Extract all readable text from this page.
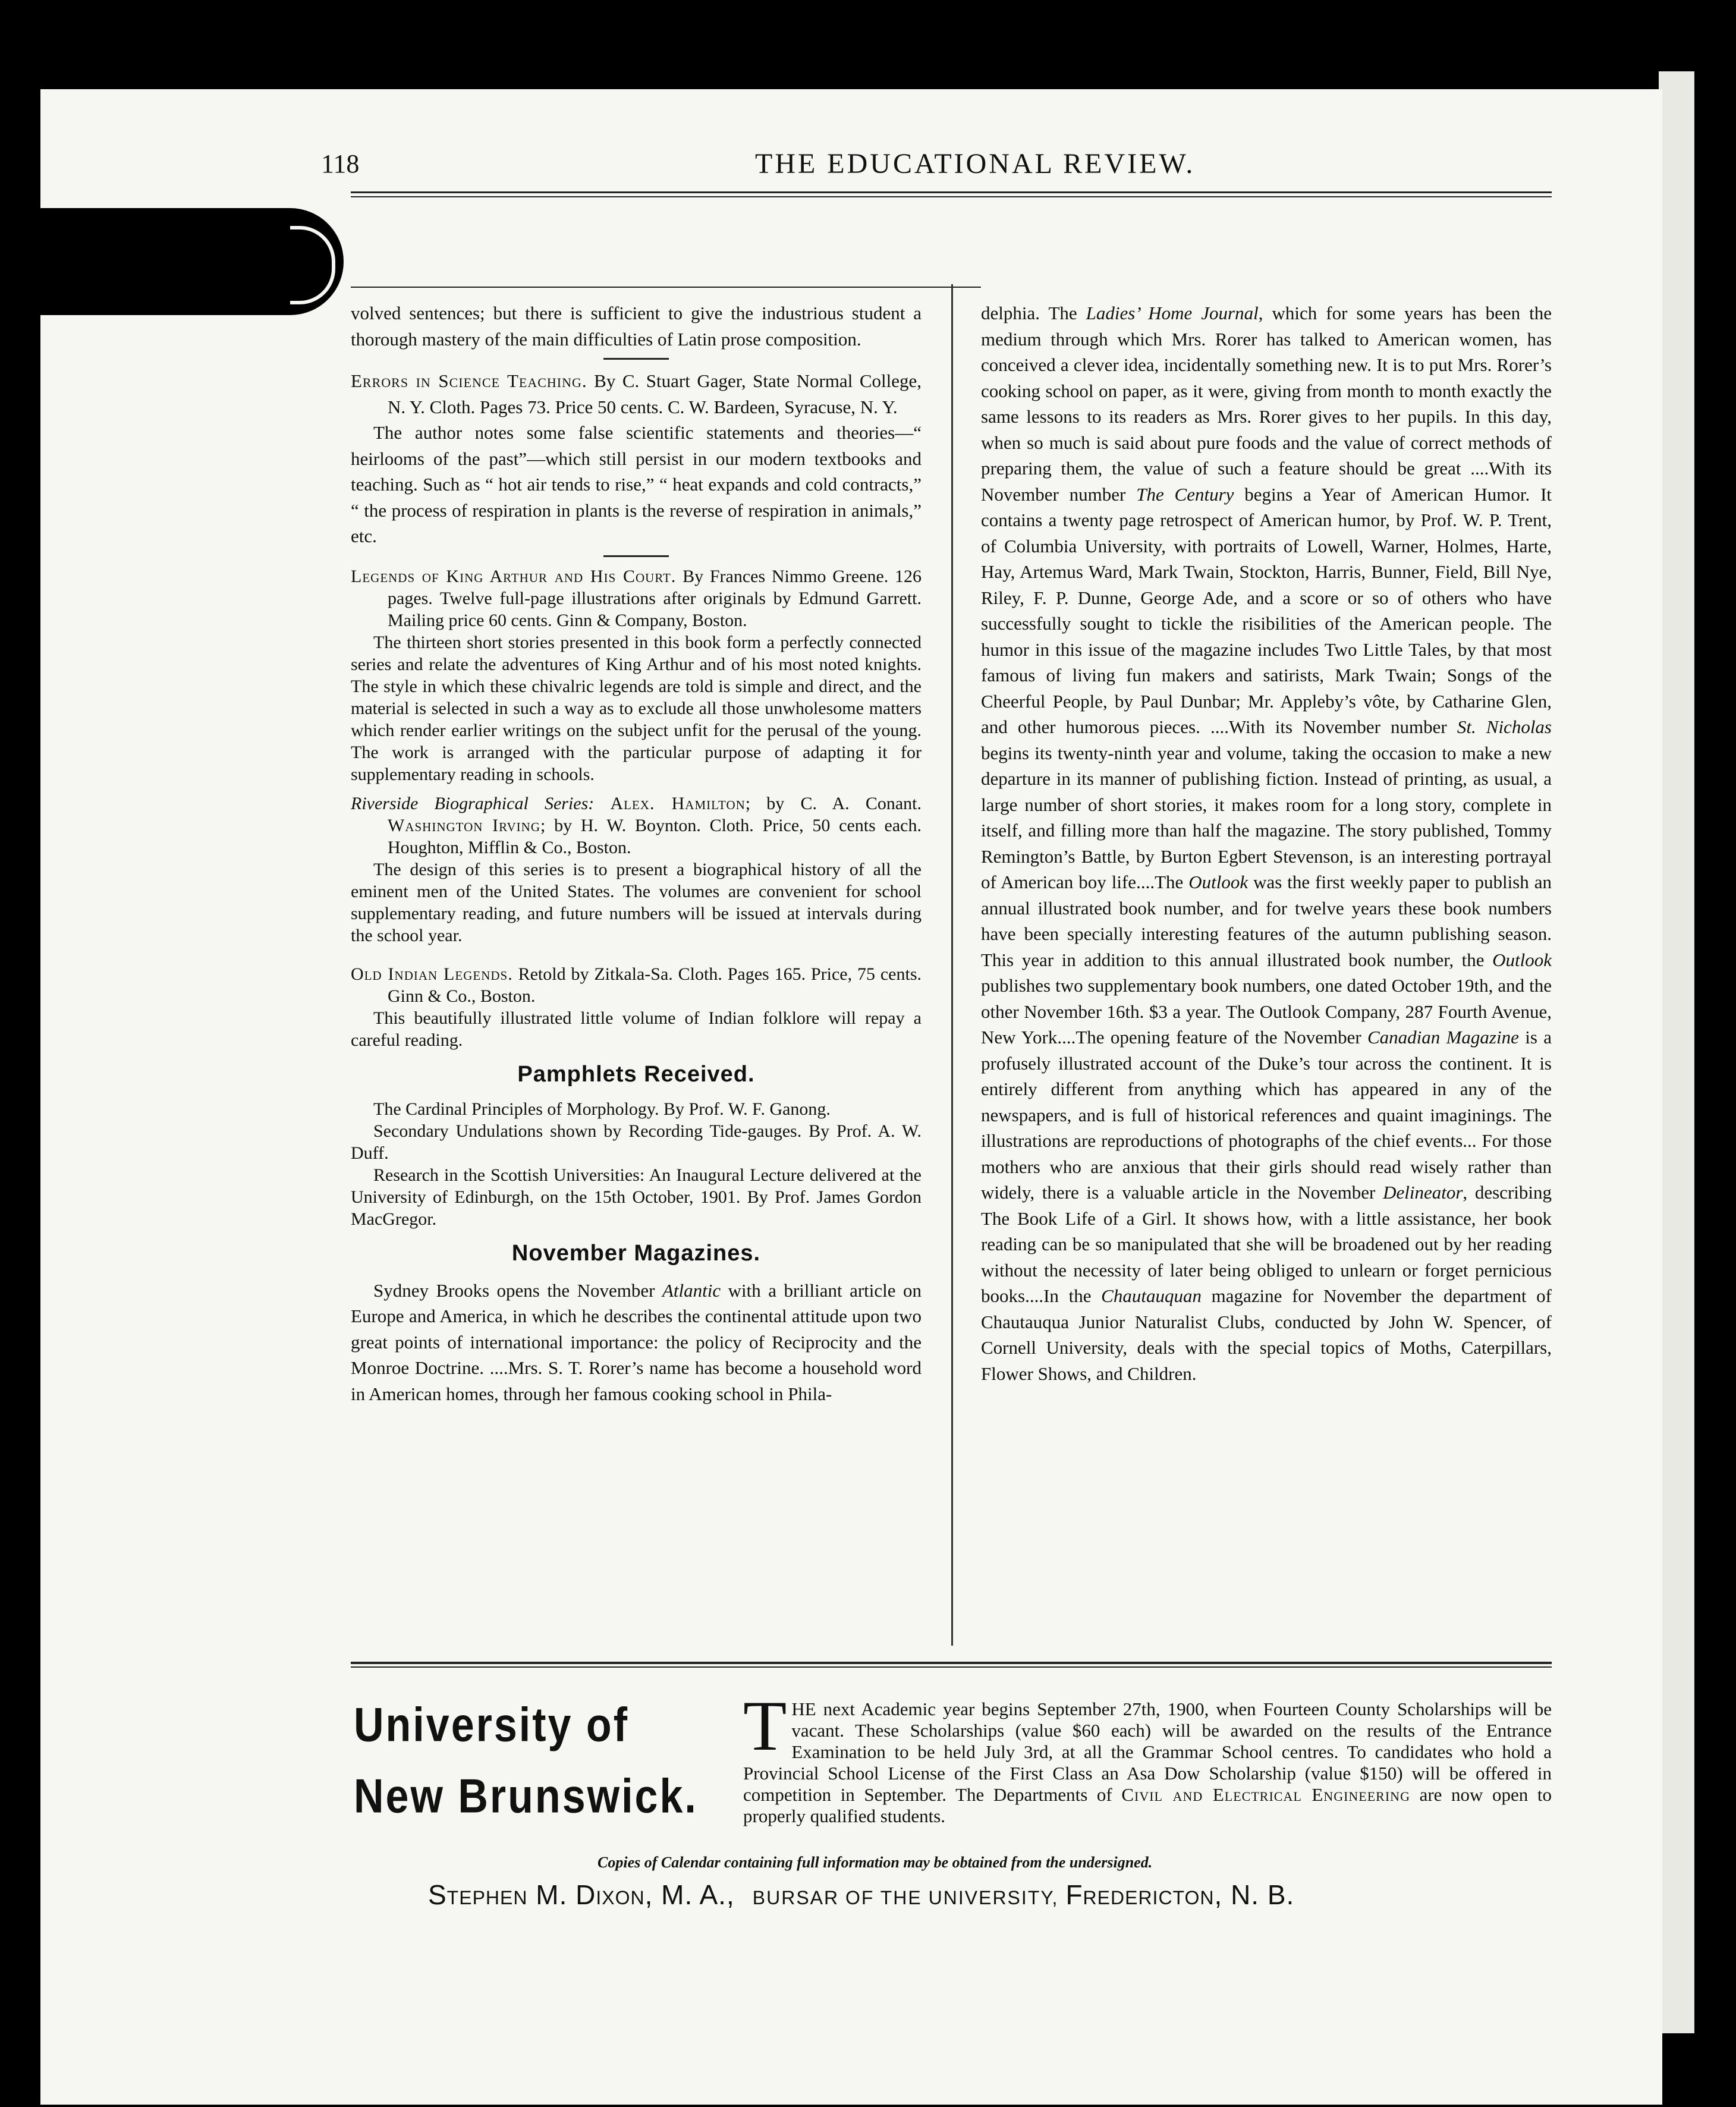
118	THE EDUCATIONAL REVIEW.

volved sentences; but there is sufficient to give the industrious student a thorough mastery of the main difficulties of Latin prose composition.

Errors in Science Teaching. By C. Stuart Gager, State Normal College, N. Y. Cloth. Pages 73. Price 50 cents. C. W. Bardeen, Syracuse, N. Y.

The author notes some false scientific statements and theories—“ heirlooms of the past”—which still persist in our modern textbooks and teaching. Such as “ hot air tends to rise,” “ heat expands and cold contracts,” “ the process of respiration in plants is the reverse of respiration in animals,” etc.

Legends of King Arthur and His Court. By Frances Nimmo Greene. 126 pages. Twelve full-page illustrations after originals by Edmund Garrett. Mailing price 60 cents. Ginn & Company, Boston.

The thirteen short stories presented in this book form a perfectly connected series and relate the adventures of King Arthur and of his most noted knights. The style in which these chivalric legends are told is simple and direct, and the material is selected in such a way as to exclude all those unwholesome matters which render earlier writings on the subject unfit for the perusal of the young. The work is arranged with the particular purpose of adapting it for supplementary reading in schools.

Riverside Biographical Series: Alex. Hamilton; by C. A. Conant. Washington Irving; by H. W. Boynton. Cloth. Price, 50 cents each. Houghton, Mifflin & Co., Boston.

The design of this series is to present a biographical history of all the eminent men of the United States. The volumes are convenient for school supplementary reading, and future numbers will be issued at intervals during the school year.

Old Indian Legends. Retold by Zitkala-Sa. Cloth. Pages 165. Price, 75 cents. Ginn & Co., Boston.

This beautifully illustrated little volume of Indian folklore will repay a careful reading.

Pamphlets Received.

The Cardinal Principles of Morphology. By Prof. W. F. Ganong.

Secondary Undulations shown by Recording Tide-gauges. By Prof. A. W. Duff.

Research in the Scottish Universities: An Inaugural Lecture delivered at the University of Edinburgh, on the 15th October, 1901. By Prof. James Gordon MacGregor.

November Magazines.

Sydney Brooks opens the November Atlantic with a brilliant article on Europe and America, in which he describes the continental attitude upon two great points of international importance: the policy of Reciprocity and the Monroe Doctrine. ....Mrs. S. T. Rorer’s name has become a household word in American homes, through her famous cooking school in Phila-

delphia. The Ladies’ Home Journal, which for some years has been the medium through which Mrs. Rorer has talked to American women, has conceived a clever idea, incidentally something new. It is to put Mrs. Rorer’s cooking school on paper, as it were, giving from month to month exactly the same lessons to its readers as Mrs. Rorer gives to her pupils. In this day, when so much is said about pure foods and the value of correct methods of preparing them, the value of such a feature should be great ....With its November number The Century begins a Year of American Humor. It contains a twenty page retrospect of American humor, by Prof. W. P. Trent, of Columbia University, with portraits of Lowell, Warner, Holmes, Harte, Hay, Artemus Ward, Mark Twain, Stockton, Harris, Bunner, Field, Bill Nye, Riley, F. P. Dunne, George Ade, and a score or so of others who have successfully sought to tickle the risibilities of the American people. The humor in this issue of the magazine includes Two Little Tales, by that most famous of living fun makers and satirists, Mark Twain; Songs of the Cheerful People, by Paul Dunbar; Mr. Appleby’s vôte, by Catharine Glen, and other humorous pieces. ....With its November number St. Nicholas begins its twenty-ninth year and volume, taking the occasion to make a new departure in its manner of publishing fiction. Instead of printing, as usual, a large number of short stories, it makes room for a long story, complete in itself, and filling more than half the magazine. The story published, Tommy Remington’s Battle, by Burton Egbert Stevenson, is an interesting portrayal of American boy life....The Outlook was the first weekly paper to publish an annual illustrated book number, and for twelve years these book numbers have been specially interesting features of the autumn publishing season. This year in addition to this annual illustrated book number, the Outlook publishes two supplementary book numbers, one dated October 19th, and the other November 16th. $3 a year. The Outlook Company, 287 Fourth Avenue, New York....The opening feature of the November Canadian Magazine is a profusely illustrated account of the Duke’s tour across the continent. It is entirely different from anything which has appeared in any of the newspapers, and is full of historical references and quaint imaginings. The illustrations are reproductions of photographs of the chief events... For those mothers who are anxious that their girls should read wisely rather than widely, there is a valuable article in the November Delineator, describing The Book Life of a Girl. It shows how, with a little assistance, her book reading can be so manipulated that she will be broadened out by her reading without the necessity of later being obliged to unlearn or forget pernicious books....In the Chautauquan magazine for November the department of Chautauqua Junior Naturalist Clubs, conducted by John W. Spencer, of Cornell University, deals with the special topics of Moths, Caterpillars, Flower Shows, and Children.

University of
New Brunswick.
THE next Academic year begins September 27th, 1900, when Fourteen County Scholarships will be vacant. These Scholarships (value $60 each) will be awarded on the results of the Entrance Examination to be held July 3rd, at all the Grammar School centres. To candidates who hold a Provincial School License of the First Class an Asa Dow Scholarship (value $150) will be offered in competition in September. The Departments of Civil and Electrical Engineering are now open to properly qualified students.
Copies of Calendar containing full information may be obtained from the undersigned.
Stephen M. Dixon, M. A., BURSAR OF THE UNIVERSITY, Fredericton, N. B.
